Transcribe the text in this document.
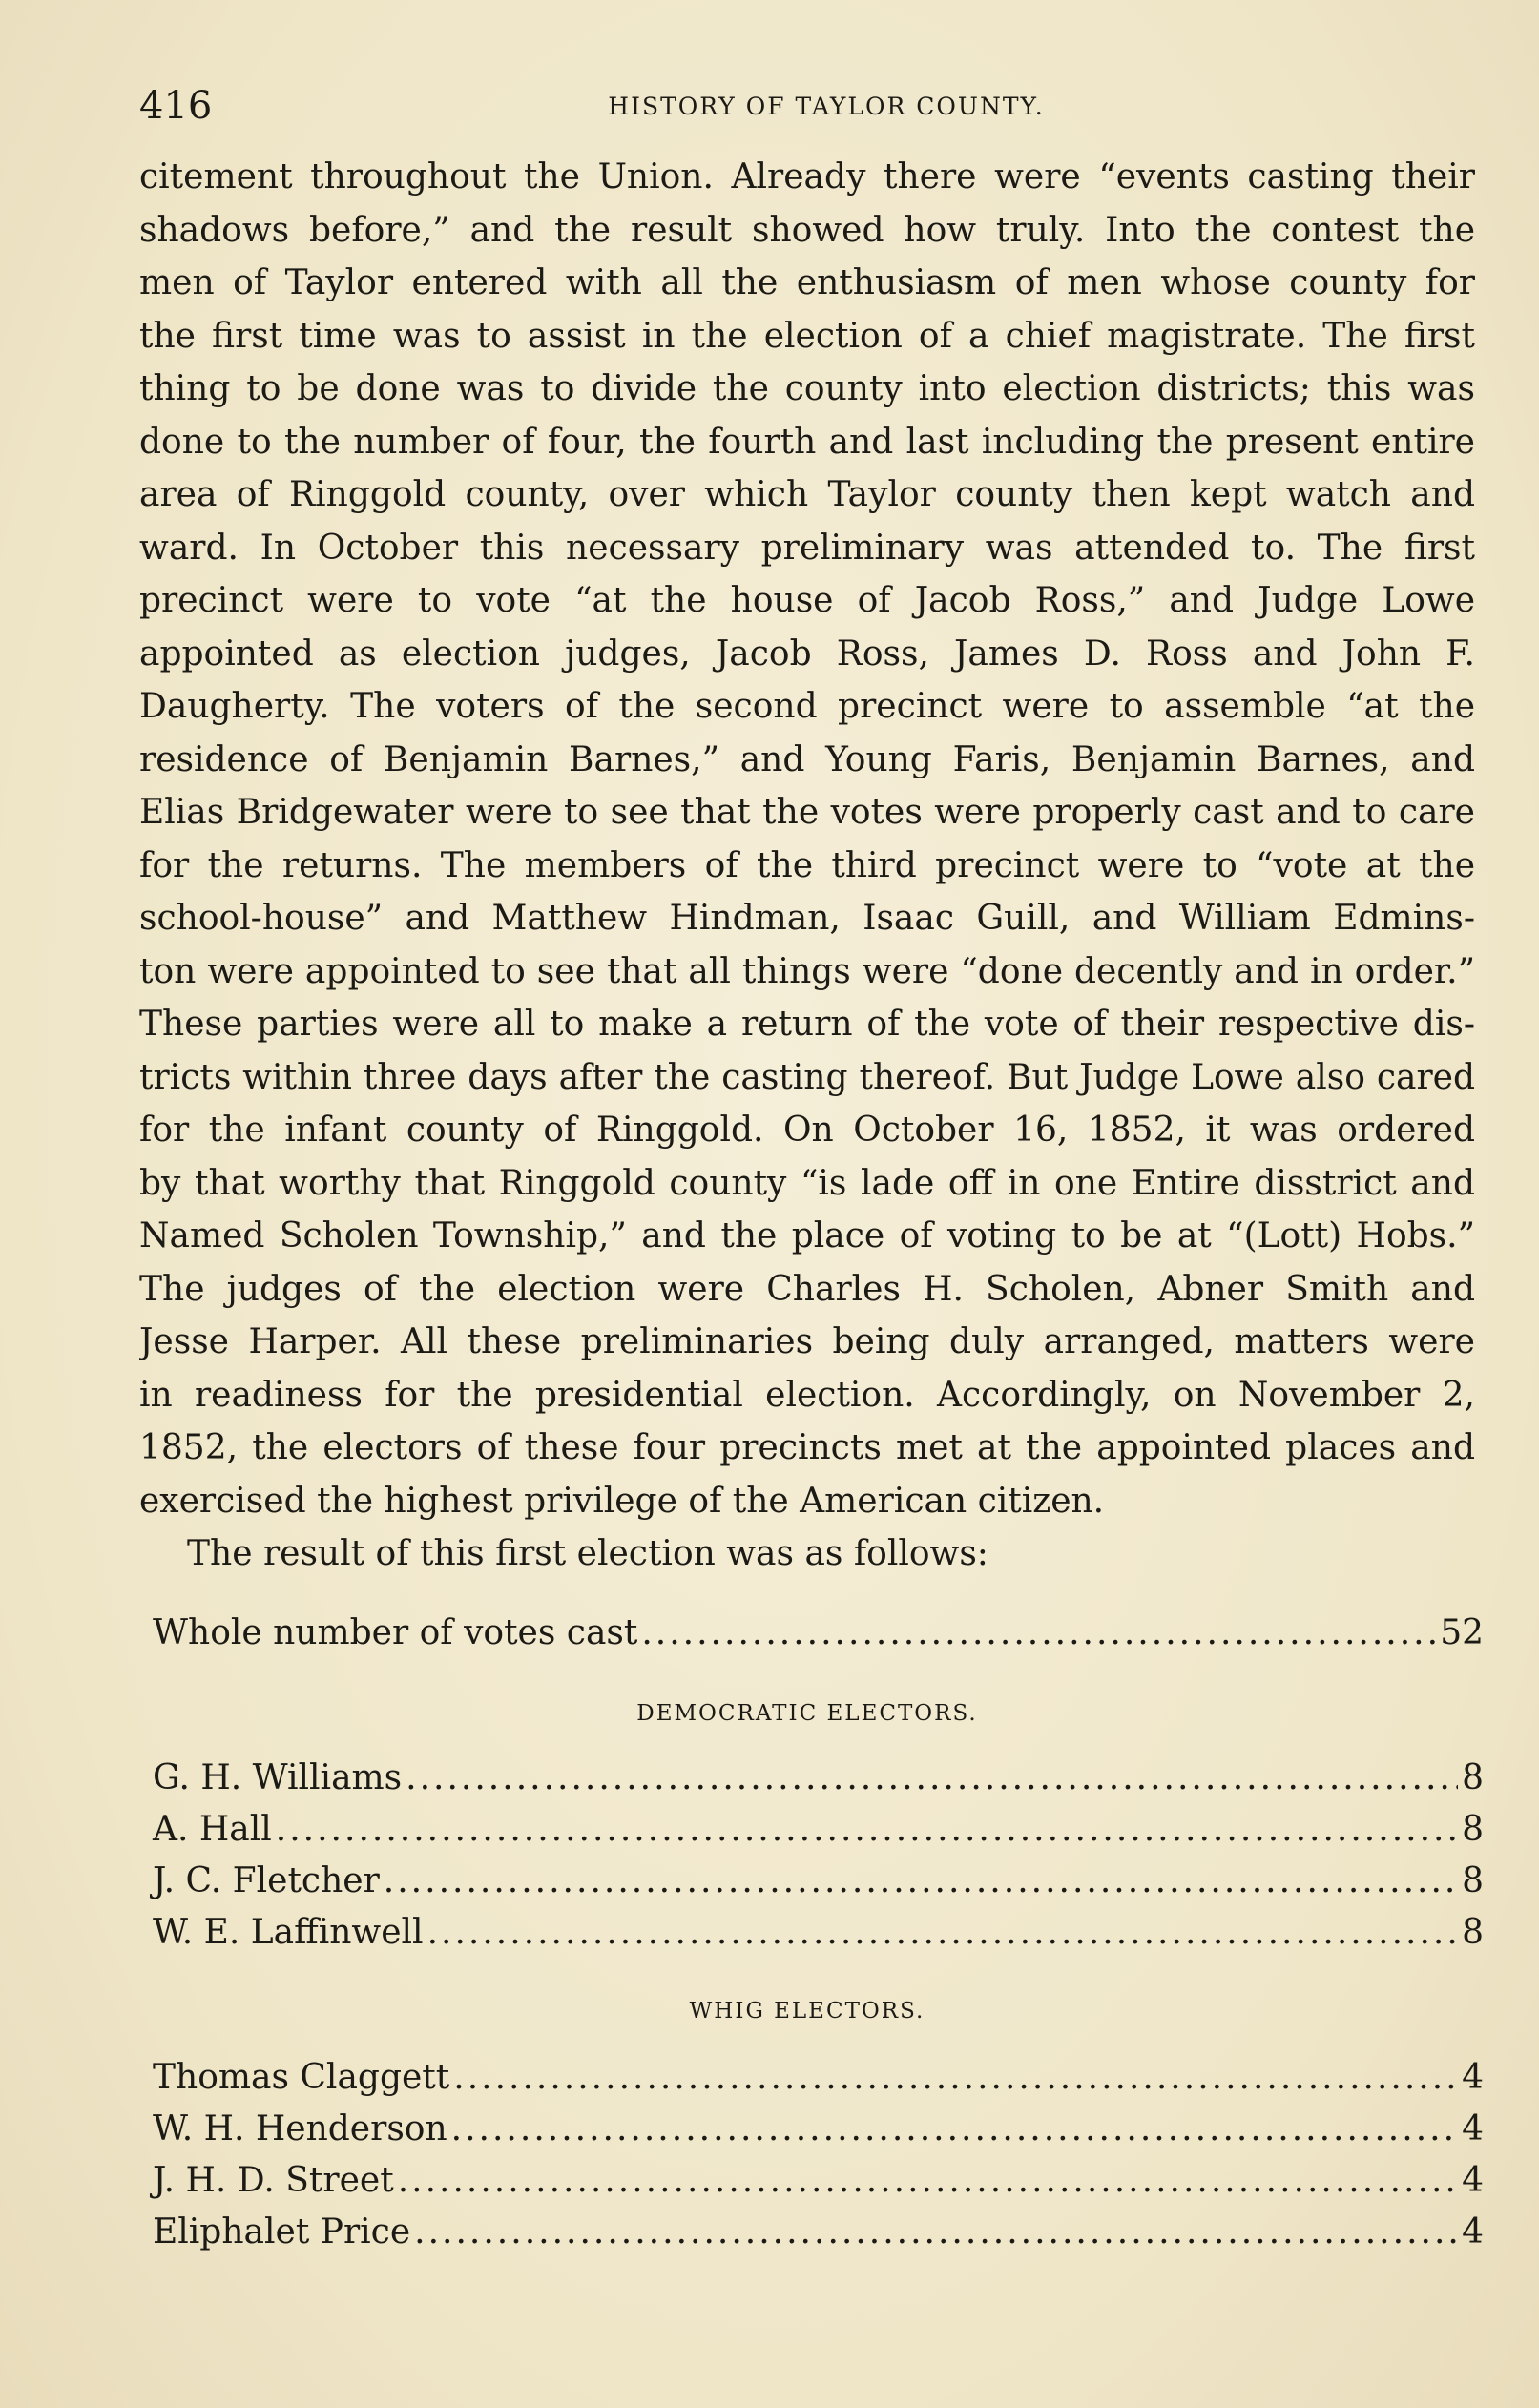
416	HISTORY OF TAYLOR COUNTY.
citement throughout the Union. Already there were “events casting their
shadows before,” and the result showed how truly. Into the contest the
men of Taylor entered with all the enthusiasm of men whose county for
the first time was to assist in the election of a chief magistrate. The first
thing to be done was to divide the county into election districts; this was
done to the number of four, the fourth and last including the present entire
area of Ringgold county, over which Taylor county then kept watch and
ward. In October this necessary preliminary was attended to. The first
precinct were to vote “at the house of Jacob Ross,” and Judge Lowe
appointed as election judges, Jacob Ross, James D. Ross and John F.
Daugherty. The voters of the second precinct were to assemble “at the
residence of Benjamin Barnes,” and Young Faris, Benjamin Barnes, and
Elias Bridgewater were to see that the votes were properly cast and to care
for the returns. The members of the third precinct were to “vote at the
school-house” and Matthew Hindman, Isaac Guill, and William Edmins-
ton were appointed to see that all things were “done decently and in order.”
These parties were all to make a return of the vote of their respective dis-
tricts within three days after the casting thereof. But Judge Lowe also cared
for the infant county of Ringgold. On October 16, 1852, it was ordered
by that worthy that Ringgold county “is lade off in one Entire disstrict and
Named Scholen Township,” and the place of voting to be at “(Lott) Hobs.”
The judges of the election were Charles H. Scholen, Abner Smith and
Jesse Harper. All these preliminaries being duly arranged, matters were
in readiness for the presidential election. Accordingly, on November 2,
1852, the electors of these four precincts met at the appointed places and
exercised the highest privilege of the American citizen.
The result of this first election was as follows:
Whole number of votes cast .....	52
DEMOCRATIC ELECTORS.
G. H. Williams .....	8
A. Hall .....	8
J. C. Fletcher .....	8
W. E. Laffinwell .....	8
WHIG ELECTORS.
Thomas Claggett .....	4
W. H. Henderson .....	4
J. H. D. Street .....	4
Eliphalet Price .....	4
